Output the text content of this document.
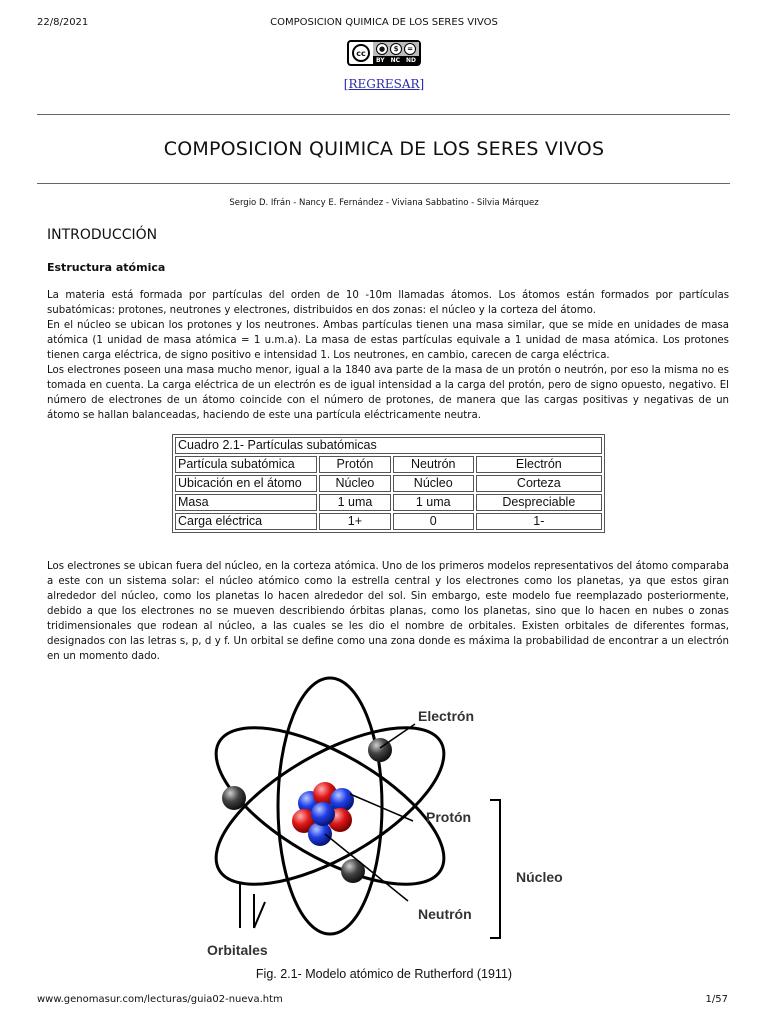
22/8/2021	COMPOSICION QUIMICA DE LOS SERES VIVOS
cc	●	$	=
BY NC ND
[REGRESAR]
COMPOSICION QUIMICA DE LOS SERES VIVOS
Sergio D. Ifrán - Nancy E. Fernández - Viviana Sabbatino - Silvia Márquez
INTRODUCCIÓN
Estructura atómica

La materia está formada por partículas del orden de 10 -10m llamadas átomos. Los átomos están formados por partículas subatómicas: protones, neutrones y electrones, distribuidos en dos zonas: el núcleo y la corteza del átomo.

En el núcleo se ubican los protones y los neutrones. Ambas partículas tienen una masa similar, que se mide en unidades de masa atómica (1 unidad de masa atómica = 1 u.m.a). La masa de estas partículas equivale a 1 unidad de masa atómica. Los protones tienen carga eléctrica, de signo positivo e intensidad 1. Los neutrones, en cambio, carecen de carga eléctrica.

Los electrones poseen una masa mucho menor, igual a la 1840 ava parte de la masa de un protón o neutrón, por eso la misma no es tomada en cuenta. La carga eléctrica de un electrón es de igual intensidad a la carga del protón, pero de signo opuesto, negativo. El número de electrones de un átomo coincide con el número de protones, de manera que las cargas positivas y negativas de un átomo se hallan balanceadas, haciendo de este una partícula eléctricamente neutra.

Cuadro 2.1- Partículas subatómicas			
Partícula subatómica	Protón	Neutrón	Electrón
Ubicación en el átomo	Núcleo	Núcleo	Corteza
Masa	1 uma	1 uma	Despreciable
Carga eléctrica	1+	0	1-

Los electrones se ubican fuera del núcleo, en la corteza atómica. Uno de los primeros modelos representativos del átomo comparaba a este con un sistema solar: el núcleo atómico como la estrella central y los electrones como los planetas, ya que estos giran alrededor del núcleo, como los planetas lo hacen alrededor del sol. Sin embargo, este modelo fue reemplazado posteriormente, debido a que los electrones no se mueven describiendo órbitas planas, como los planetas, sino que lo hacen en nubes o zonas tridimensionales que rodean al núcleo, a las cuales se les dio el nombre de orbitales. Existen orbitales de diferentes formas, designados con las letras s, p, d y f. Un orbital se define como una zona donde es máxima la probabilidad de encontrar a un electrón en un momento dado.

Electrón
Protón
Núcleo
Neutrón
Orbitales
Fig. 2.1- Modelo atómico de Rutherford (1911)
www.genomasur.com/lecturas/guia02-nueva.htm	1/57
